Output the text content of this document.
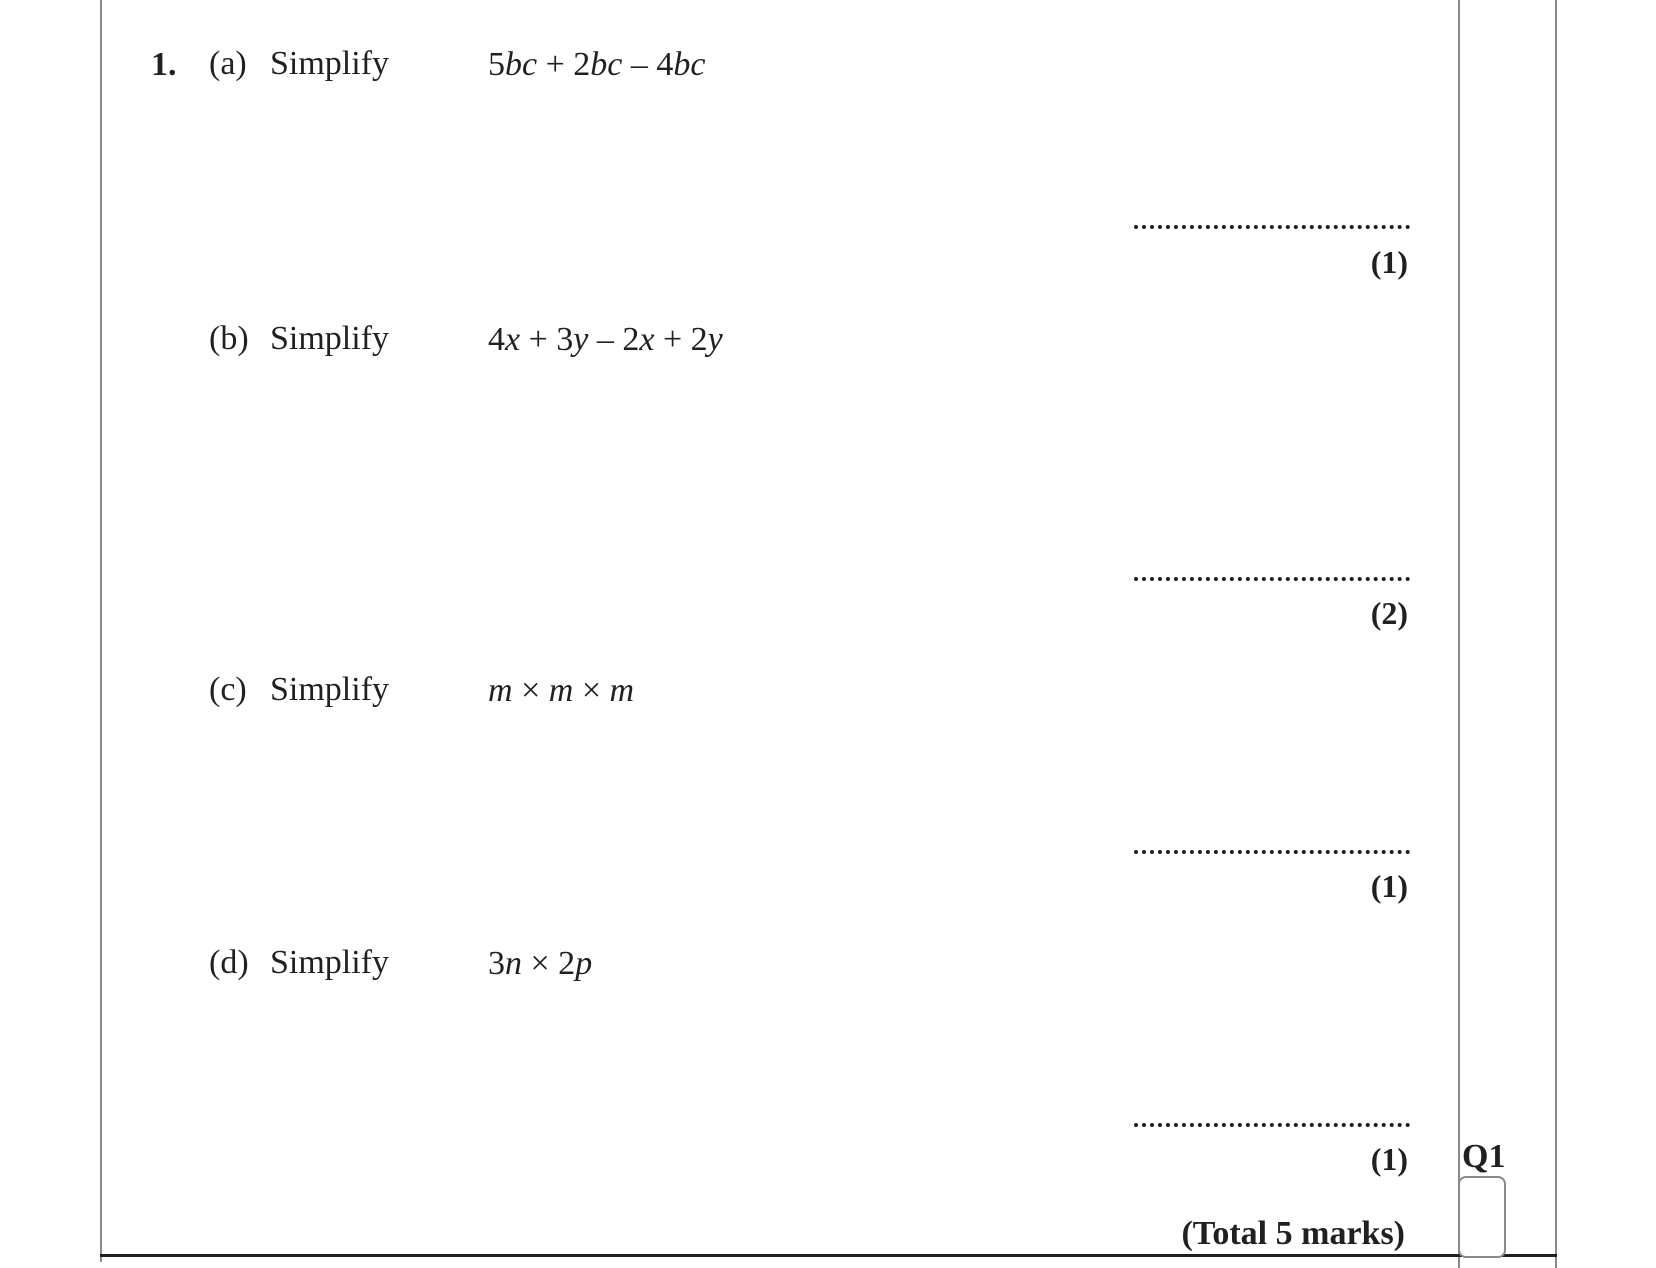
1. (a) Simplify	5bc + 2bc – 4bc
(1)
(b) Simplify	4x + 3y – 2x + 2y
(2)
(c) Simplify	m × m × m
(1)
(d) Simplify	3n × 2p
(1) Q1
(Total 5 marks)
